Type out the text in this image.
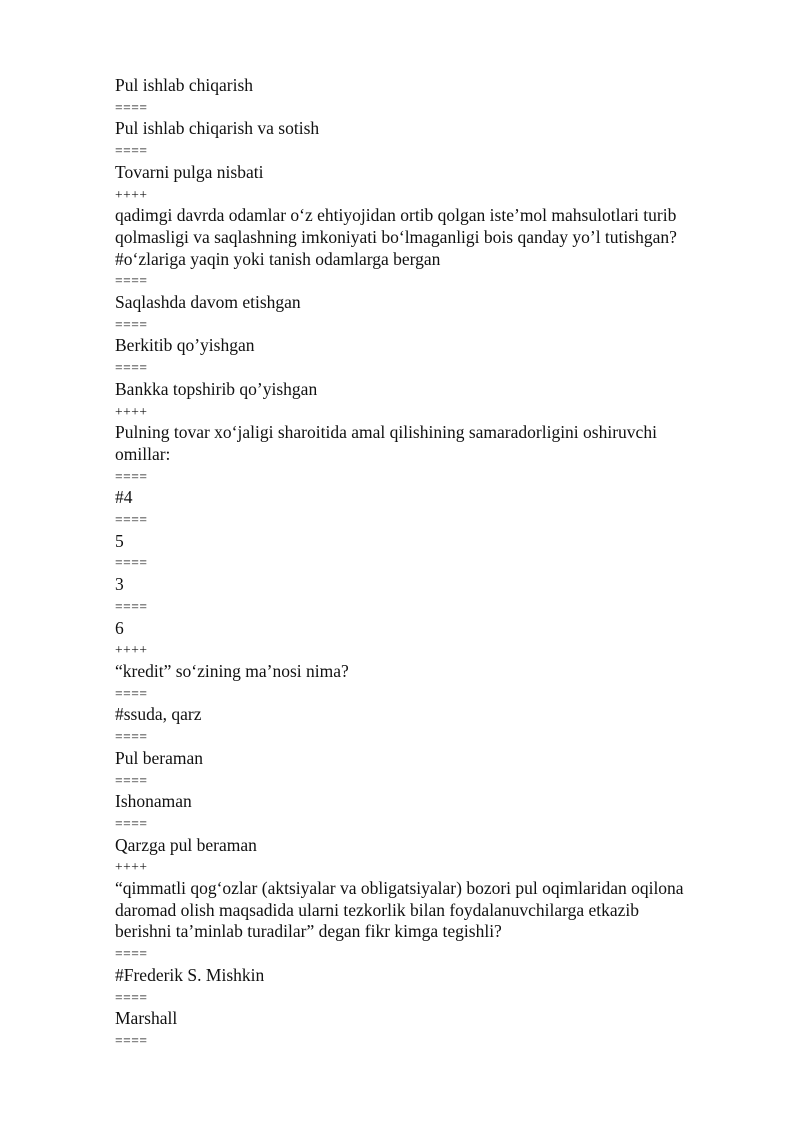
Pul ishlab chiqarish
====
Pul ishlab chiqarish va sotish
====
Tovarni pulga nisbati
++++
qadimgi davrda odamlar o‘z ehtiyojidan ortib qolgan iste’mol mahsulotlari turib
qolmasligi va saqlashning imkoniyati bo‘lmaganligi bois qanday yo’l tutishgan?
#o‘zlariga yaqin yoki tanish odamlarga bergan
====
Saqlashda davom etishgan
====
Berkitib qo’yishgan
====
Bankka topshirib qo’yishgan
++++
Pulning tovar xo‘jaligi sharoitida amal qilishining samaradorligini oshiruvchi
omillar:
====
#4
====
5
====
3
====
6
++++
“kredit” so‘zining ma’nosi nima?
====
#ssuda, qarz
====
Pul beraman
====
Ishonaman
====
Qarzga pul beraman
++++
“qimmatli qog‘ozlar (aktsiyalar va obligatsiyalar) bozori pul oqimlaridan oqilona
daromad olish maqsadida ularni tezkorlik bilan foydalanuvchilarga etkazib
berishni ta’minlab turadilar” degan fikr kimga tegishli?
====
#Frederik S. Mishkin
====
Marshall
====
